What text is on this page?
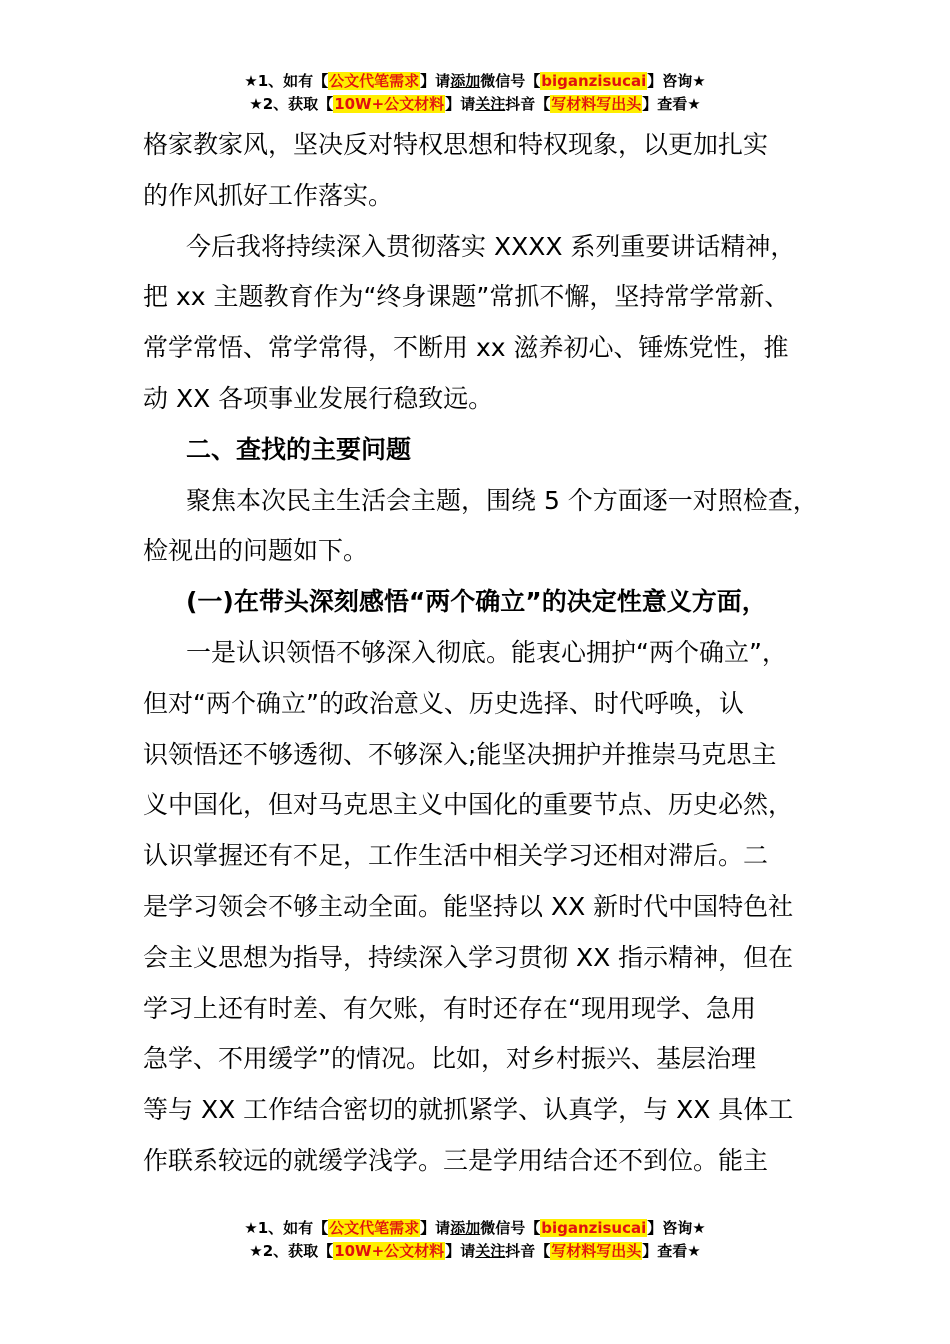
★1、如有【公文代笔需求】请添加微信号【biganzisucai】咨询★
★2、获取【10W+公文材料】请关注抖音【写材料写出头】查看★
格家教家风，坚决反对特权思想和特权现象，以更加扎实
的作风抓好工作落实。
今后我将持续深入贯彻落实 XXXX 系列重要讲话精神，
把 xx 主题教育作为“终身课题”常抓不懈，坚持常学常新、
常学常悟、常学常得，不断用 xx 滋养初心、锤炼党性，推
动 XX 各项事业发展行稳致远。
二、查找的主要问题
聚焦本次民主生活会主题，围绕 5 个方面逐一对照检查，
检视出的问题如下。
(一)在带头深刻感悟“两个确立”的决定性意义方面，
一是认识领悟不够深入彻底。能衷心拥护“两个确立”，
但对“两个确立”的政治意义、历史选择、时代呼唤，认
识领悟还不够透彻、不够深入;能坚决拥护并推崇马克思主
义中国化，但对马克思主义中国化的重要节点、历史必然，
认识掌握还有不足，工作生活中相关学习还相对滞后。二
是学习领会不够主动全面。能坚持以 XX 新时代中国特色社
会主义思想为指导，持续深入学习贯彻 XX 指示精神，但在
学习上还有时差、有欠账，有时还存在“现用现学、急用
急学、不用缓学”的情况。比如，对乡村振兴、基层治理
等与 XX 工作结合密切的就抓紧学、认真学，与 XX 具体工
作联系较远的就缓学浅学。三是学用结合还不到位。能主
★1、如有【公文代笔需求】请添加微信号【biganzisucai】咨询★
★2、获取【10W+公文材料】请关注抖音【写材料写出头】查看★
